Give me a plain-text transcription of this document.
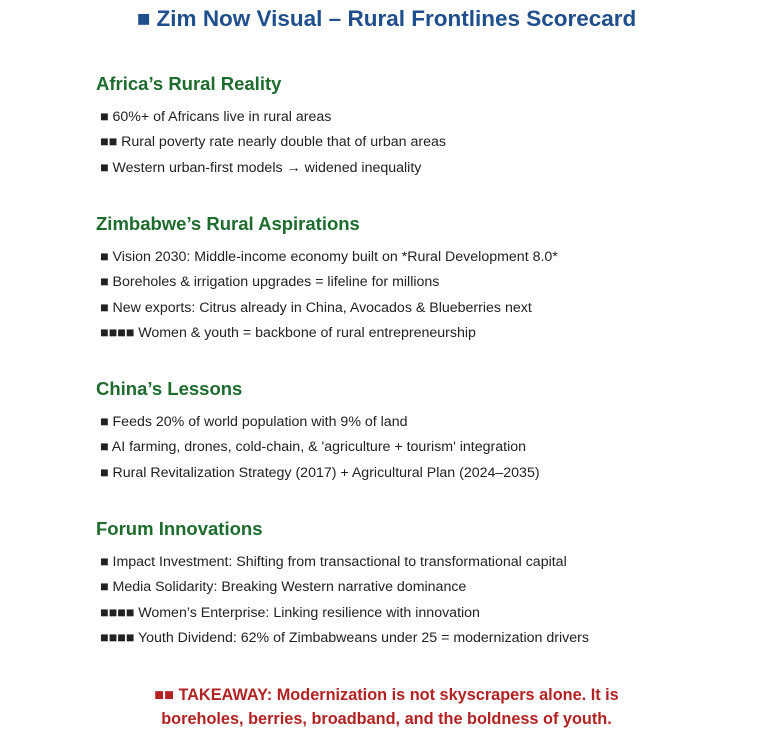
■ Zim Now Visual – Rural Frontlines Scorecard
Africa’s Rural Reality
■ 60%+ of Africans live in rural areas
■■ Rural poverty rate nearly double that of urban areas
■ Western urban-first models → widened inequality
Zimbabwe’s Rural Aspirations
■ Vision 2030: Middle-income economy built on *Rural Development 8.0*
■ Boreholes & irrigation upgrades = lifeline for millions
■ New exports: Citrus already in China, Avocados & Blueberries next
■■■■ Women & youth = backbone of rural entrepreneurship
China’s Lessons
■ Feeds 20% of world population with 9% of land
■ AI farming, drones, cold-chain, & 'agriculture + tourism' integration
■ Rural Revitalization Strategy (2017) + Agricultural Plan (2024–2035)
Forum Innovations
■ Impact Investment: Shifting from transactional to transformational capital
■ Media Solidarity: Breaking Western narrative dominance
■■■■ Women’s Enterprise: Linking resilience with innovation
■■■■ Youth Dividend: 62% of Zimbabweans under 25 = modernization drivers
■■ TAKEAWAY: Modernization is not skyscrapers alone. It is
boreholes, berries, broadband, and the boldness of youth.
